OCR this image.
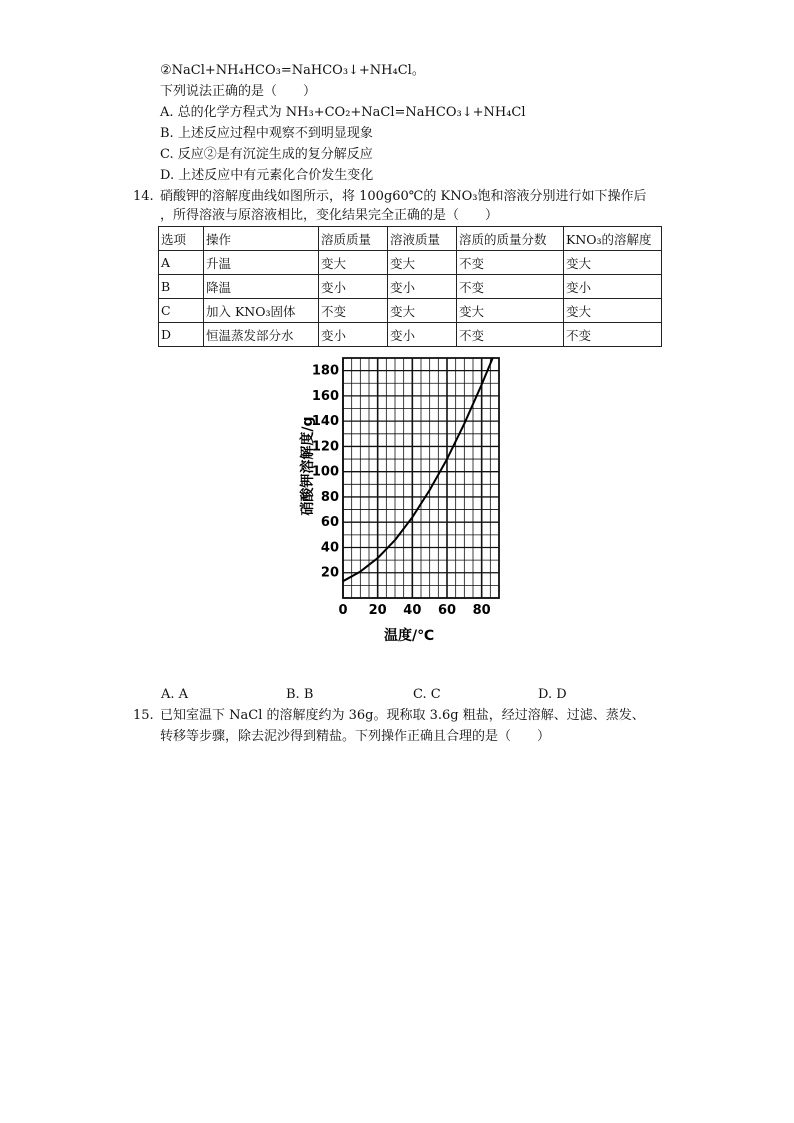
②NaCl+NH₄HCO₃=NaHCO₃↓+NH₄Cl。
下列说法正确的是（　　）
A. 总的化学方程式为 NH₃+CO₂+NaCl=NaHCO₃↓+NH₄Cl
B. 上述反应过程中观察不到明显现象
C. 反应②是有沉淀生成的复分解反应
D. 上述反应中有元素化合价发生变化
14. 硝酸钾的溶解度曲线如图所示，将 100g60℃的 KNO₃饱和溶液分别进行如下操作后
，所得溶液与原溶液相比，变化结果完全正确的是（　　）
选项	操作	溶质质量	溶液质量	溶质的质量分数	KNO₃的溶解度
A	升温	变大	变大	不变	变大
B	降温	变小	变小	不变	变小
C	加入 KNO₃固体	不变	变大	变大	变大
D	恒温蒸发部分水	变小	变小	不变	不变
0 20 40 60 80
20
40
60
80
100
120
140
160
180
温度/℃
硝酸钾溶解度/g
A. A	B. B	C. C	D. D
15. 已知室温下 NaCl 的溶解度约为 36g。现称取 3.6g 粗盐，经过溶解、过滤、蒸发、
转移等步骤，除去泥沙得到精盐。下列操作正确且合理的是（　　）
